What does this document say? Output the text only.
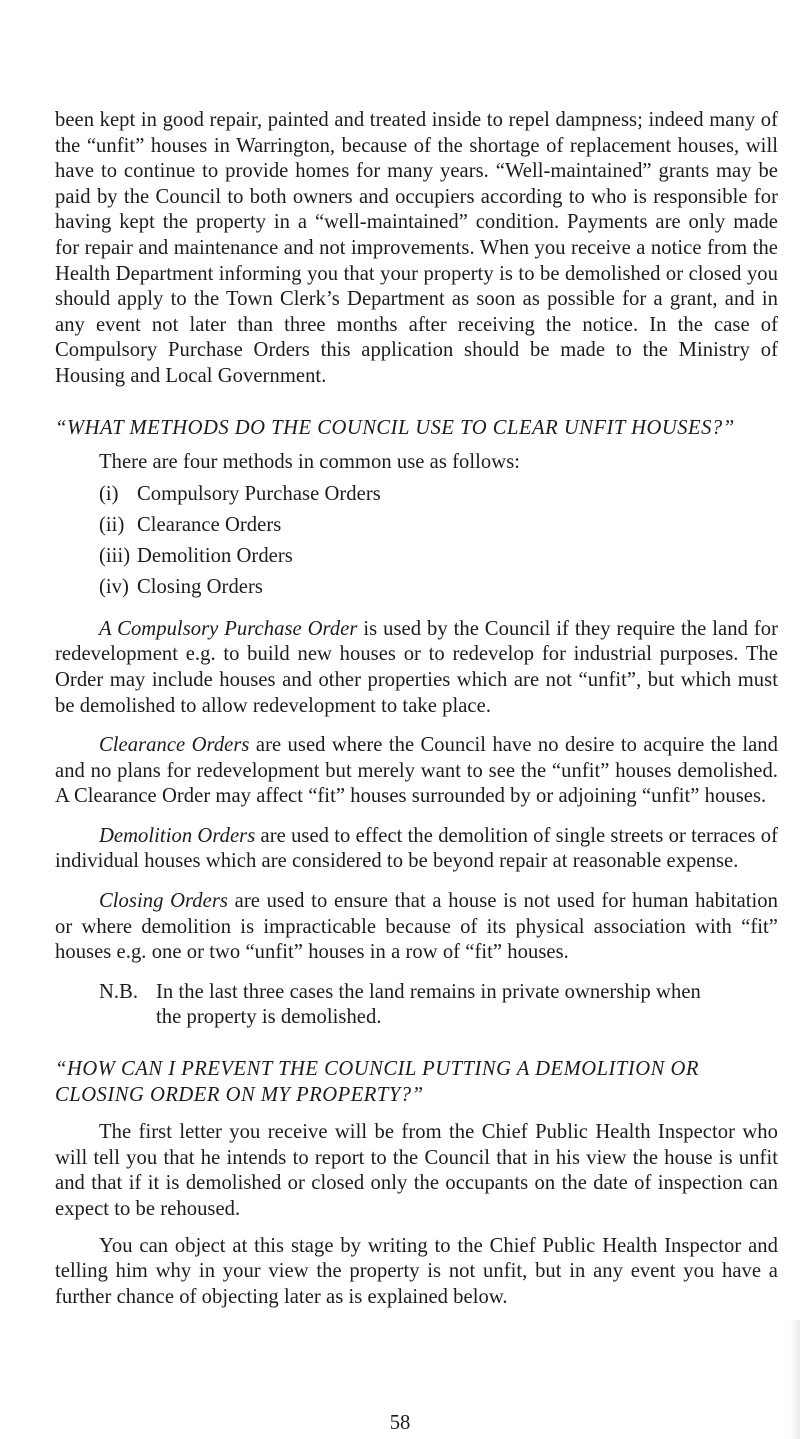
been kept in good repair, painted and treated inside to repel dampness; indeed many of the “unfit” houses in Warrington, because of the shortage of replacement houses, will have to continue to provide homes for many years. “Well-maintained” grants may be paid by the Council to both owners and occupiers according to who is responsible for having kept the property in a “well-maintained” condition. Payments are only made for repair and maintenance and not improvements. When you receive a notice from the Health Department informing you that your property is to be demolished or closed you should apply to the Town Clerk’s Department as soon as possible for a grant, and in any event not later than three months after receiving the notice. In the case of Compulsory Purchase Orders this application should be made to the Ministry of Housing and Local Government.

“WHAT METHODS DO THE COUNCIL USE TO CLEAR UNFIT HOUSES?”

There are four methods in common use as follows:

(i) Compulsory Purchase Orders
(ii) Clearance Orders
(iii) Demolition Orders
(iv) Closing Orders

A Compulsory Purchase Order is used by the Council if they require the land for redevelopment e.g. to build new houses or to redevelop for industrial purposes. The Order may include houses and other properties which are not “unfit”, but which must be demolished to allow redevelopment to take place.

Clearance Orders are used where the Council have no desire to acquire the land and no plans for redevelopment but merely want to see the “unfit” houses demolished. A Clearance Order may affect “fit” houses surrounded by or adjoining “unfit” houses.

Demolition Orders are used to effect the demolition of single streets or terraces of individual houses which are considered to be beyond repair at reasonable expense.

Closing Orders are used to ensure that a house is not used for human habitation or where demolition is impracticable because of its physical association with “fit” houses e.g. one or two “unfit” houses in a row of “fit” houses.

N.B. In the last three cases the land remains in private ownership when the property is demolished.

“HOW CAN I PREVENT THE COUNCIL PUTTING A DEMOLITION OR CLOSING ORDER ON MY PROPERTY?”

The first letter you receive will be from the Chief Public Health Inspector who will tell you that he intends to report to the Council that in his view the house is unfit and that if it is demolished or closed only the occupants on the date of inspection can expect to be rehoused.

You can object at this stage by writing to the Chief Public Health Inspector and telling him why in your view the property is not unfit, but in any event you have a further chance of objecting later as is explained below.

58
